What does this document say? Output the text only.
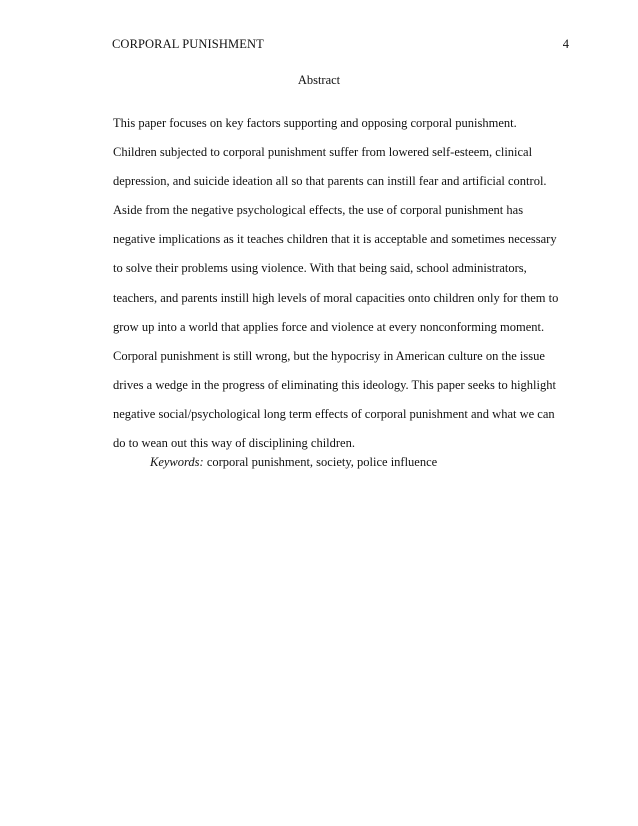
CORPORAL PUNISHMENT	4
Abstract
This paper focuses on key factors supporting and opposing corporal punishment.
Children subjected to corporal punishment suffer from lowered self-esteem, clinical
depression, and suicide ideation all so that parents can instill fear and artificial control.
Aside from the negative psychological effects, the use of corporal punishment has
negative implications as it teaches children that it is acceptable and sometimes necessary
to solve their problems using violence. With that being said, school administrators,
teachers, and parents instill high levels of moral capacities onto children only for them to
grow up into a world that applies force and violence at every nonconforming moment.
Corporal punishment is still wrong, but the hypocrisy in American culture on the issue
drives a wedge in the progress of eliminating this ideology. This paper seeks to highlight
negative social/psychological long term effects of corporal punishment and what we can
do to wean out this way of disciplining children.
Keywords: corporal punishment, society, police influence
